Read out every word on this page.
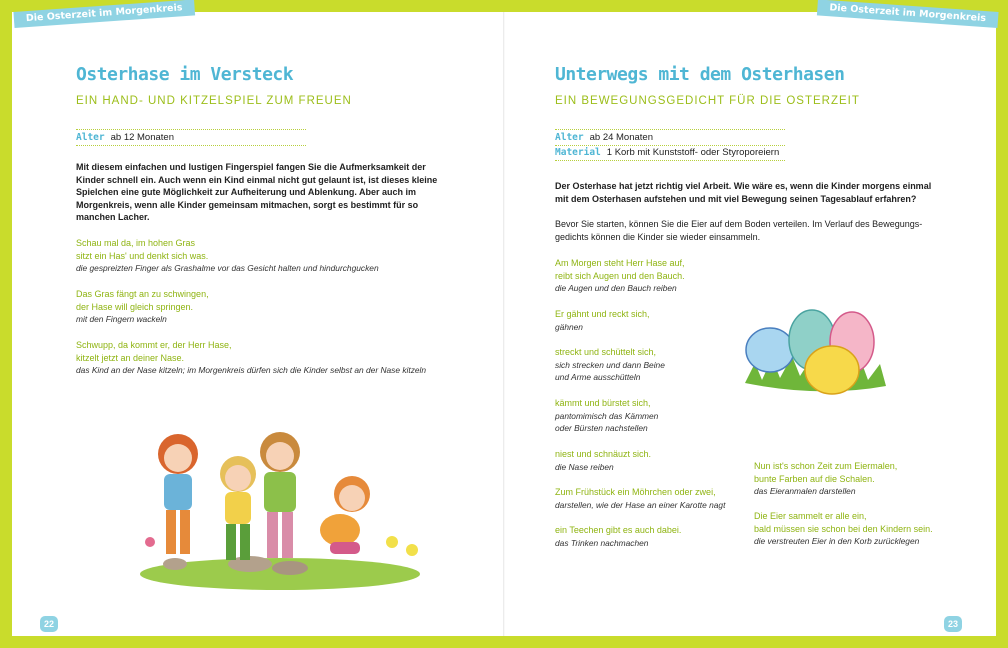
Osterhase im Versteck
EIN HAND- UND KITZELSPIEL ZUM FREUEN
Alter ab 12 Monaten
Mit diesem einfachen und lustigen Fingerspiel fangen Sie die Aufmerksamkeit der
Kinder schnell ein. Auch wenn ein Kind einmal nicht gut gelaunt ist, ist dieses kleine
Spielchen eine gute Möglichkeit zur Aufheiterung und Ablenkung. Aber auch im
Morgenkreis, wenn alle Kinder gemeinsam mitmachen, sorgt es bestimmt für so
manchen Lacher.
Schau mal da, im hohen Gras
sitzt ein Has' und denkt sich was.
die gespreizten Finger als Grashalme vor das Gesicht halten und hindurchgucken
Das Gras fängt an zu schwingen,
der Hase will gleich springen.
mit den Fingern wackeln
Schwupp, da kommt er, der Herr Hase,
kitzelt jetzt an deiner Nase.
das Kind an der Nase kitzeln; im Morgenkreis dürfen sich die Kinder selbst an der Nase kitzeln
22
Unterwegs mit dem Osterhasen
EIN BEWEGUNGSGEDICHT FÜR DIE OSTERZEIT
Alter ab 24 Monaten
Material 1 Korb mit Kunststoff- oder Styroporeiern
Der Osterhase hat jetzt richtig viel Arbeit. Wie wäre es, wenn die Kinder morgens einmal
mit dem Osterhasen aufstehen und mit viel Bewegung seinen Tagesablauf erfahren?
Bevor Sie starten, können Sie die Eier auf dem Boden verteilen. Im Verlauf des Bewegungs-
gedichts können die Kinder sie wieder einsammeln.
Am Morgen steht Herr Hase auf,
reibt sich Augen und den Bauch.
die Augen und den Bauch reiben
Er gähnt und reckt sich,
gähnen
streckt und schüttelt sich,
sich strecken und dann Beine
und Arme ausschütteln
kämmt und bürstet sich,
pantomimisch das Kämmen
oder Bürsten nachstellen
niest und schnäuzt sich.
die Nase reiben
Zum Frühstück ein Möhrchen oder zwei,
darstellen, wie der Hase an einer Karotte nagt
ein Teechen gibt es auch dabei.
das Trinken nachmachen
Nun ist's schon Zeit zum Eiermalen,
bunte Farben auf die Schalen.
das Eieranmalen darstellen
Die Eier sammelt er alle ein,
bald müssen sie schon bei den Kindern sein.
die verstreuten Eier in den Korb zurücklegen
23
Die Osterzeit im Morgenkreis	Die Osterzeit im Morgenkreis
